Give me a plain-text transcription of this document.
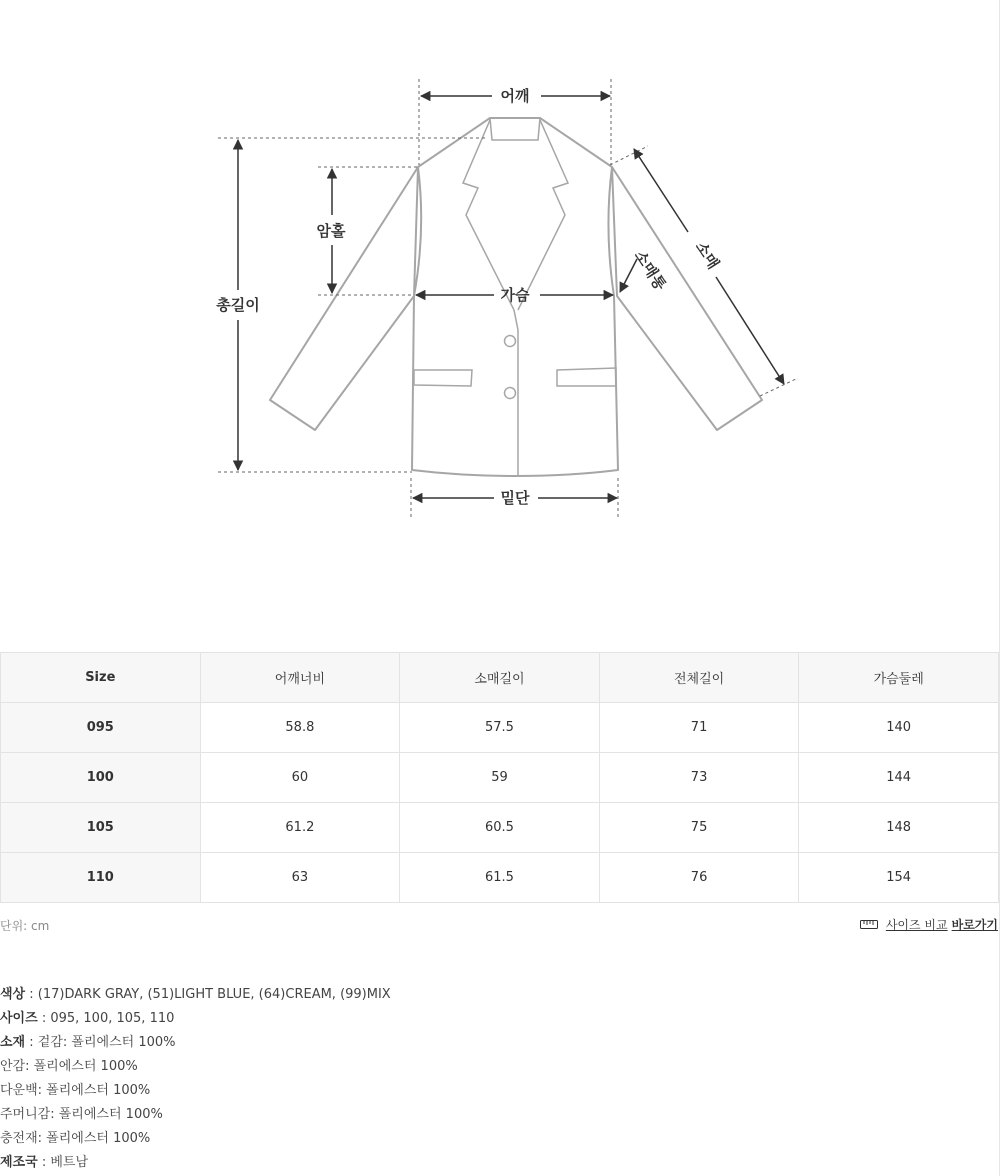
어깨
암홀
총길이
가슴
밑단
소매
소매통
Size	어깨너비	소매길이	전체길이	가슴둘레
095	58.8	57.5	71	140
100	60	59	73	144
105	61.2	60.5	75	148
110	63	61.5	76	154
단위: cm	사이즈 비교 바로가기
색상 : (17)DARK GRAY, (51)LIGHT BLUE, (64)CREAM, (99)MIX
사이즈 : 095, 100, 105, 110
소재 : 겉감: 폴리에스터 100%
안감: 폴리에스터 100%
다운백: 폴리에스터 100%
주머니감: 폴리에스터 100%
충전재: 폴리에스터 100%
제조국 : 베트남
